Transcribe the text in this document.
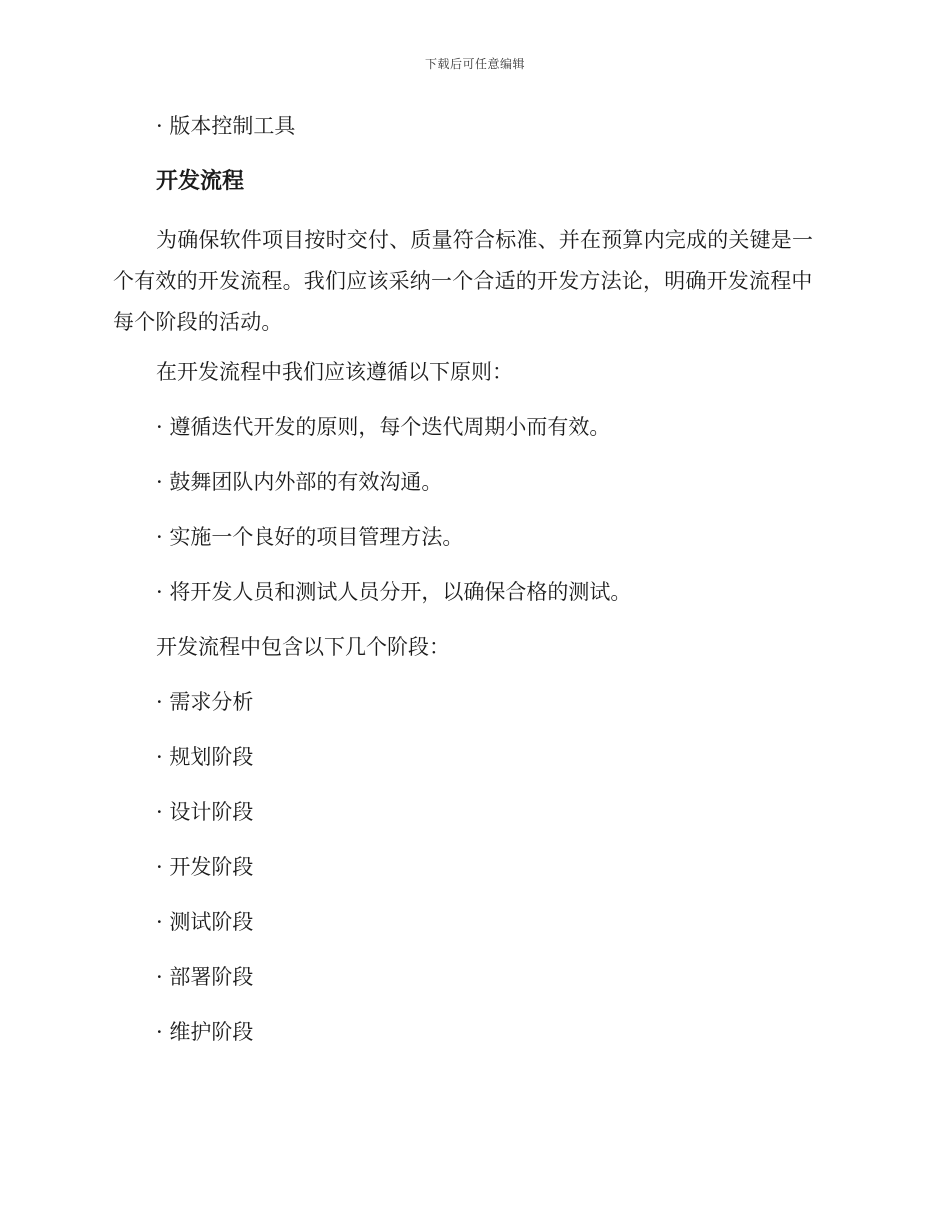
下载后可任意编辑
· 版本控制工具
开发流程
为确保软件项目按时交付、质量符合标准、并在预算内完成的关键是一个有效的开发流程。我们应该采纳一个合适的开发方法论，明确开发流程中每个阶段的活动。
在开发流程中我们应该遵循以下原则：
· 遵循迭代开发的原则，每个迭代周期小而有效。
· 鼓舞团队内外部的有效沟通。
· 实施一个良好的项目管理方法。
· 将开发人员和测试人员分开，以确保合格的测试。
开发流程中包含以下几个阶段：
· 需求分析
· 规划阶段
· 设计阶段
· 开发阶段
· 测试阶段
· 部署阶段
· 维护阶段
